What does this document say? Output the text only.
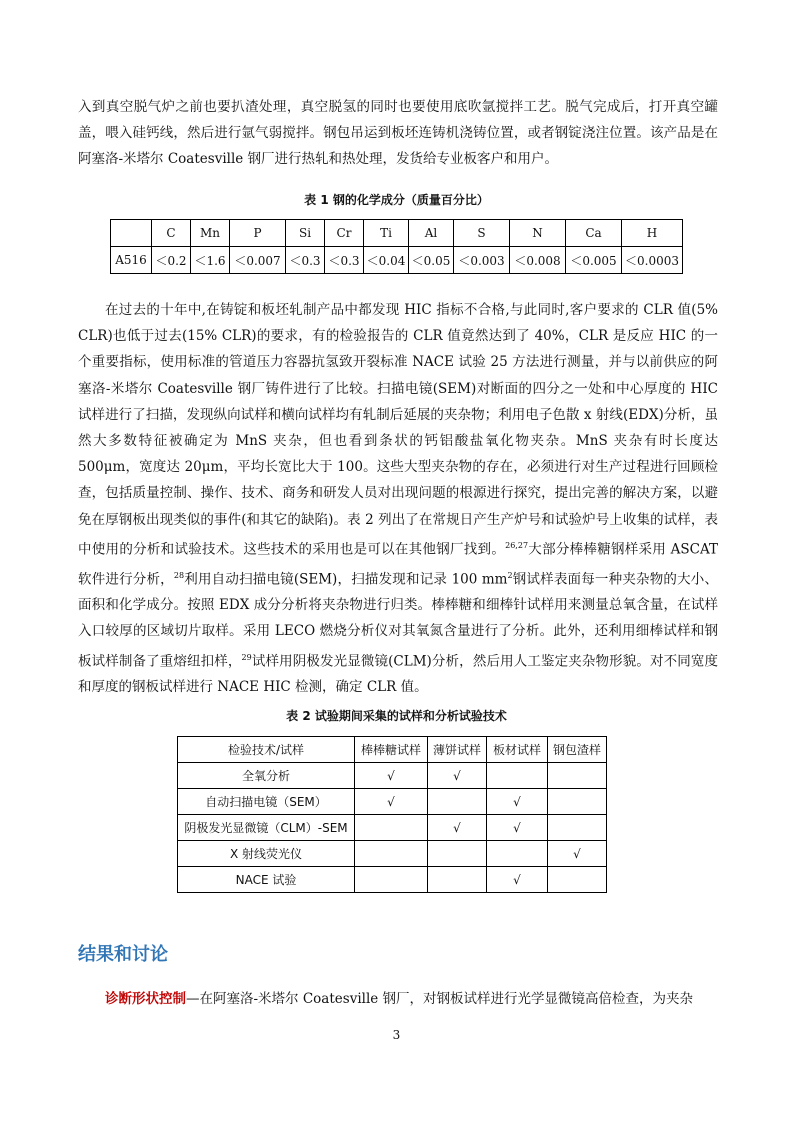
入到真空脱气炉之前也要扒渣处理，真空脱氢的同时也要使用底吹氩搅拌工艺。脱气完成后，打开真空罐盖，喂入硅钙线，然后进行氩气弱搅拌。钢包吊运到板坯连铸机浇铸位置，或者钢锭浇注位置。该产品是在阿塞洛-米塔尔 Coatesville 钢厂进行热轧和热处理，发货给专业板客户和用户。

表 1 钢的化学成分（质量百分比）

	C	Mn	P	Si	Cr	Ti	Al	S	N	Ca	H
A516	＜0.2	＜1.6	＜0.007	＜0.3	＜0.3	＜0.04	＜0.05	＜0.003	＜0.008	＜0.005	＜0.0003

在过去的十年中,在铸锭和板坯轧制产品中都发现 HIC 指标不合格,与此同时,客户要求的 CLR 值(5% CLR)也低于过去(15% CLR)的要求，有的检验报告的 CLR 值竟然达到了 40%，CLR 是反应 HIC 的一个重要指标，使用标准的管道压力容器抗氢致开裂标准 NACE 试验 25 方法进行测量，并与以前供应的阿塞洛-米塔尔 Coatesville 钢厂铸件进行了比较。扫描电镜(SEM)对断面的四分之一处和中心厚度的 HIC 试样进行了扫描，发现纵向试样和横向试样均有轧制后延展的夹杂物；利用电子色散 x 射线(EDX)分析，虽然大多数特征被确定为 MnS 夹杂，但也看到条状的钙铝酸盐氧化物夹杂。MnS 夹杂有时长度达 500μm，宽度达 20μm，平均长宽比大于 100。这些大型夹杂物的存在，必须进行对生产过程进行回顾检查，包括质量控制、操作、技术、商务和研发人员对出现问题的根源进行探究，提出完善的解决方案，以避免在厚钢板出现类似的事件(和其它的缺陷)。表 2 列出了在常规日产生产炉号和试验炉号上收集的试样，表中使用的分析和试验技术。这些技术的采用也是可以在其他钢厂找到。$^{26,27}$大部分棒棒糖钢样采用 ASCAT 软件进行分析，$^{28}$利用自动扫描电镜(SEM)，扫描发现和记录 100 $mm^2$钢试样表面每一种夹杂物的大小、面积和化学成分。按照 EDX 成分分析将夹杂物进行归类。棒棒糖和细棒针试样用来测量总氧含量，在试样入口较厚的区域切片取样。采用 LECO 燃烧分析仪对其氧氮含量进行了分析。此外，还利用细棒试样和钢板试样制备了重熔纽扣样，$^{29}$试样用阴极发光显微镜(CLM)分析，然后用人工鉴定夹杂物形貌。对不同宽度和厚度的钢板试样进行 NACE HIC 检测，确定 CLR 值。

表 2 试验期间采集的试样和分析试验技术

检验技术/试样	棒棒糖试样	薄饼试样	板材试样	钢包渣样
全氧分析	√	√		
自动扫描电镜（SEM）	√		√	
阴极发光显微镜（CLM）-SEM		√	√	
X 射线荧光仪				√
NACE 试验			√	
结果和讨论

诊断形状控制—在阿塞洛-米塔尔 Coatesville 钢厂，对钢板试样进行光学显微镜高倍检查，为夹杂

3
